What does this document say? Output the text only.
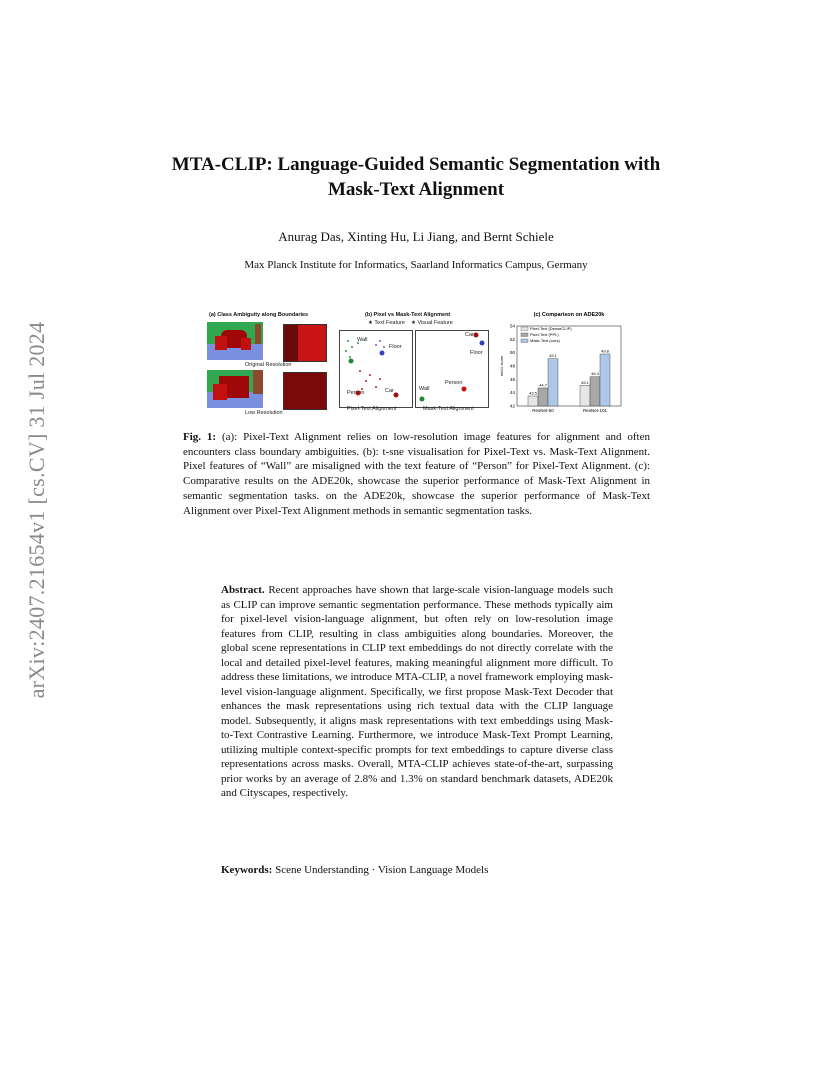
arXiv:2407.21654v1 [cs.CV] 31 Jul 2024
MTA-CLIP: Language-Guided Semantic Segmentation with Mask-Text Alignment
Anurag Das, Xinting Hu, Li Jiang, and Bernt Schiele
Max Planck Institute for Informatics, Saarland Informatics Campus, Germany
(a) Class Ambiguity along Boundaries
Original Resolution
Low Resolution
(b) Pixel vs Mask-Text Alignment
★ Text Feature ★ Visual Feature
Wall
Floor
Person	Car
Pixel-Text Alignment
Car
Floor
Person
Wall
Mask-Text Alignment
(c) Comparison on ADE20k
42
44
46
48
50
52
54
mIoU score
43.5
44.7
49.1
ResNet-50
45.1
46.4
49.8
ResNet-101
Pixel-Text (DenseCLIP)
Pixel-Text (PPL)
Mask-Text (ours)
Fig. 1: (a): Pixel-Text Alignment relies on low-resolution image features for alignment and often encounters class boundary ambiguities. (b): t-sne visualisation for Pixel-Text vs. Mask-Text Alignment. Pixel features of “Wall” are misaligned with the text feature of “Person” for Pixel-Text Alignment. (c): Comparative results on the ADE20k, showcase the superior performance of Mask-Text Alignment in semantic segmentation tasks. on the ADE20k, showcase the superior performance of Mask-Text Alignment over Pixel-Text Alignment methods in semantic segmentation tasks.
Abstract. Recent approaches have shown that large-scale vision-language models such as CLIP can improve semantic segmentation performance. These methods typically aim for pixel-level vision-language alignment, but often rely on low-resolution image features from CLIP, resulting in class ambiguities along boundaries. Moreover, the global scene representations in CLIP text embeddings do not directly correlate with the local and detailed pixel-level features, making meaningful alignment more difficult. To address these limitations, we introduce MTA-CLIP, a novel framework employing mask-level vision-language alignment. Specifically, we first propose Mask-Text Decoder that enhances the mask representations using rich textual data with the CLIP language model. Subsequently, it aligns mask representations with text embeddings using Mask-to-Text Contrastive Learning. Furthermore, we introduce Mask-Text Prompt Learning, utilizing multiple context-specific prompts for text embeddings to capture diverse class representations across masks. Overall, MTA-CLIP achieves state-of-the-art, surpassing prior works by an average of 2.8% and 1.3% on standard benchmark datasets, ADE20k and Cityscapes, respectively.
Keywords: Scene Understanding · Vision Language Models
